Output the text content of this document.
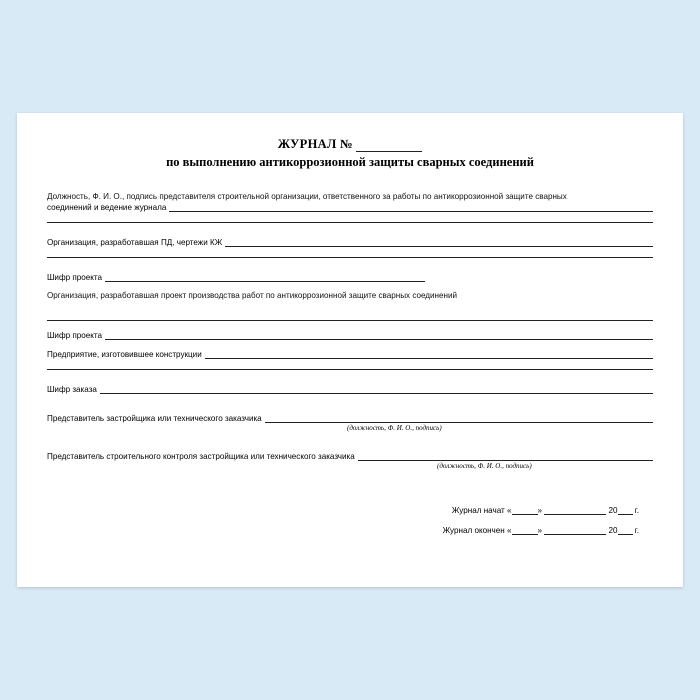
ЖУРНАЛ №
по выполнению антикоррозионной защиты сварных соединений
Должность, Ф. И. О., подпись представителя строительной организации, ответственного за работы по антикоррозионной защите сварных
соединений и ведение журнала
Организация, разработавшая ПД, чертежи КЖ
Шифр проекта
Организация, разработавшая проект производства работ по антикоррозионной защите сварных соединений
Шифр проекта
Предприятие, изготовившее конструкции
Шифр заказа
Представитель застройщика или технического заказчика
(должность, Ф. И. О., подпись)
Представитель строительного контроля застройщика или технического заказчика
(должность, Ф. И. О., подпись)
Журнал начат «	»	20 г.
Журнал окончен «	»	20 г.
